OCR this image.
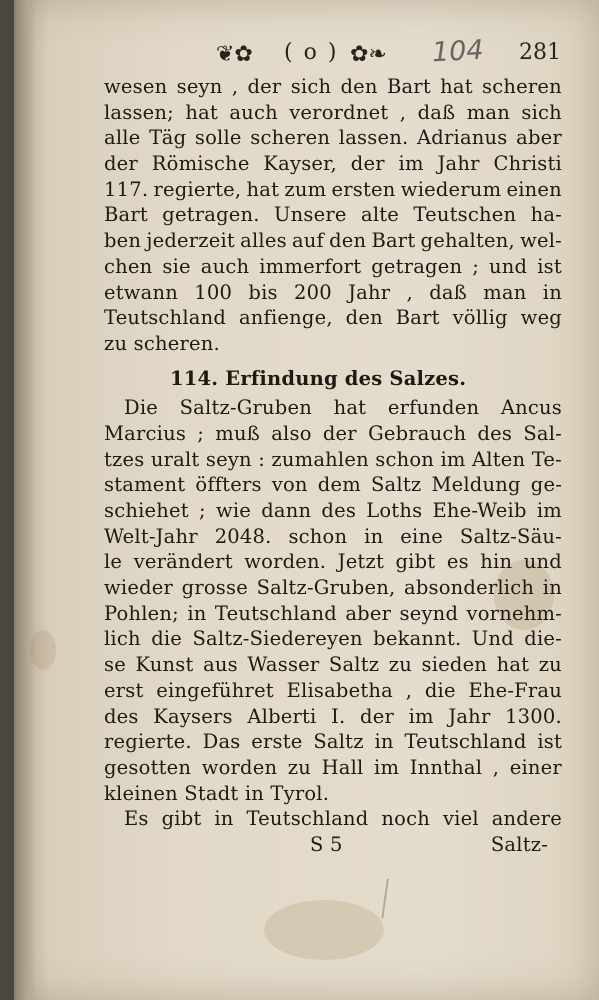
❦✿ ( o ) ✿❧ 104 281
wesen seyn , der sich den Bart hat scheren
lassen; hat auch verordnet , daß man sich
alle Täg solle scheren lassen. Adrianus aber
der Römische Kayser, der im Jahr Christi
117. regierte, hat zum ersten wiederum einen
Bart getragen. Unsere alte Teutschen ha-
ben jederzeit alles auf den Bart gehalten, wel-
chen sie auch immerfort getragen ; und ist
etwann 100 bis 200 Jahr , daß man in
Teutschland anfienge, den Bart völlig weg
zu scheren.
114. Erfindung des Salzes.
Die Saltz-Gruben hat erfunden Ancus
Marcius ; muß also der Gebrauch des Sal-
tzes uralt seyn : zumahlen schon im Alten Te-
stament öffters von dem Saltz Meldung ge-
schiehet ; wie dann des Loths Ehe-Weib im
Welt-Jahr 2048. schon in eine Saltz-Säu-
le verändert worden. Jetzt gibt es hin und
wieder grosse Saltz-Gruben, absonderlich in
Pohlen; in Teutschland aber seynd vornehm-
lich die Saltz-Siedereyen bekannt. Und die-
se Kunst aus Wasser Saltz zu sieden hat zu
erst eingeführet Elisabetha , die Ehe-Frau
des Kaysers Alberti I. der im Jahr 1300.
regierte. Das erste Saltz in Teutschland ist
gesotten worden zu Hall im Innthal , einer
kleinen Stadt in Tyrol.
Es gibt in Teutschland noch viel andere
S 5	Saltz-
